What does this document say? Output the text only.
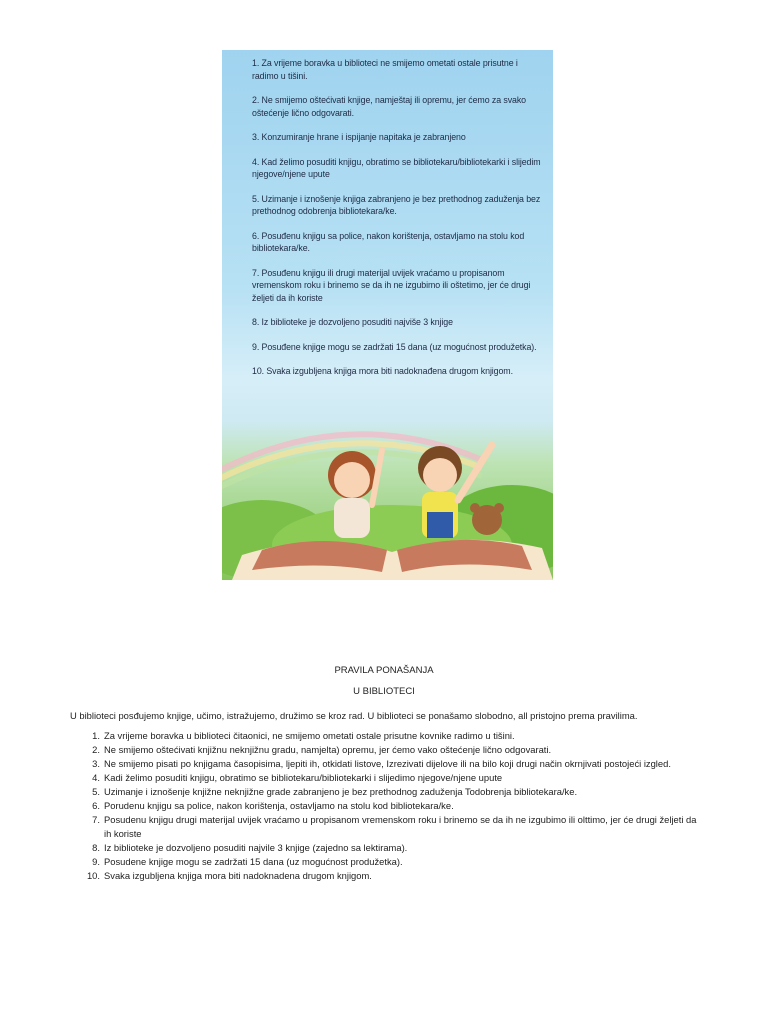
1. Za vrijeme boravka u biblioteci ne smijemo ometati ostale prisutne i radimo u tišini.
2. Ne smijemo oštećivati knjige, namještaj ili opremu, jer ćemo za svako oštećenje lično odgovarati.
3. Konzumiranje hrane i ispijanje napitaka je zabranjeno
4. Kad želimo posuditi knjigu, obratimo se bibliotekaru/bibliotekarki i slijedim njegove/njene upute
5. Uzimanje i iznošenje knjiga zabranjeno je bez prethodnog zaduženja bez prethodnog odobrenja bibliotekara/ke.
6. Posuđenu knjigu sa police, nakon korištenja, ostavljamo na stolu kod bibliotekara/ke.
7. Posuđenu knjigu ili drugi materijal uvijek vraćamo u propisanom vremenskom roku i brinemo se da ih ne izgubimo ili oštetimo, jer će drugi željeti da ih koriste
8. Iz biblioteke je dozvoljeno posuditi najviše 3 knjige
9. Posuđene knjige mogu se zadržati 15 dana (uz mogućnost produžetka).
10. Svaka izgubljena knjiga mora biti nadoknađena drugom knjigom.
PRAVILA PONAŠANJA
U BIBLIOTECI
U biblioteci posđujemo knjige, učimo, istražujemo, družimo se kroz rad. U biblioteci se ponašamo slobodno, all pristojno prema pravilima.
1. Za vrijeme boravka u biblioteci čitaonici, ne smijemo ometati ostale prisutne kovnike radimo u tišini.
2. Ne smijemo oštećivati knjižnu neknjižnu gradu, namjelta) opremu, jer ćemo vako oštećenje lično odgovarati.
3. Ne smijemo pisati po knjigama časopisima, ljepiti ih, otkidati listove, Izrezivati dijelove ili na bilo koji drugi način okrnjivati postojeći izgled.
4. Kadi želimo posuditi knjigu, obratimo se bibliotekaru/bibliotekarki i slijedimo njegove/njene upute
5. Uzimanje i iznošenje knjižne neknjižne grade zabranjeno je bez prethodnog zaduženja Todobrenja bibliotekara/ke.
6. Porudenu knjigu sa police, nakon korištenja, ostavljamo na stolu kod bibliotekara/ke.
7. Posudenu knjigu drugi materijal uvijek vraćamo u propisanom vremenskom roku i brinemo se da ih ne izgubimo ili olttimo, jer će drugi željeti da ih koriste
8. Iz biblioteke je dozvoljeno posuditi najvile 3 knjige (zajedno sa lektirama).
9. Posudene knjige mogu se zadržati 15 dana (uz mogućnost produžetka).
10. Svaka izgubljena knjiga mora biti nadoknadena drugom knjigom.
